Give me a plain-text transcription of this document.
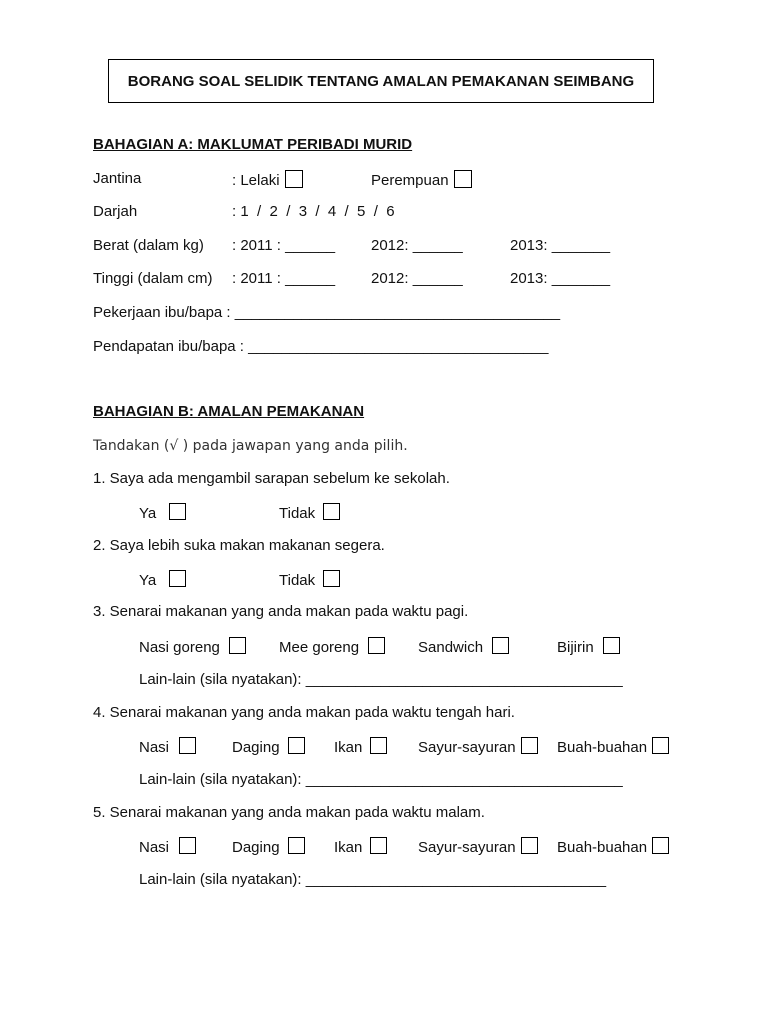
BORANG SOAL SELIDIK TENTANG AMALAN PEMAKANAN SEIMBANG
BAHAGIAN A: MAKLUMAT PERIBADI MURID
Jantina	: Lelaki	Perempuan
Darjah	: 1  /  2  /  3  /  4  /  5  /  6
Berat (dalam kg) : 2011 : ______ 2012: ______	2013: _______
Tinggi (dalam cm) : 2011 : ______ 2012: ______	2013: _______
Pekerjaan ibu/bapa : _______________________________________
Pendapatan ibu/bapa : ____________________________________
BAHAGIAN B: AMALAN PEMAKANAN
Tandakan (√ ) pada jawapan yang anda pilih.
1. Saya ada mengambil sarapan sebelum ke sekolah.
Ya	Tidak
2. Saya lebih suka makan makanan segera.
Ya	Tidak
3. Senarai makanan yang anda makan pada waktu pagi.
Nasi goreng	Mee goreng	Sandwich	Bijirin
Lain-lain (sila nyatakan): ______________________________________
4. Senarai makanan yang anda makan pada waktu tengah hari.
Nasi	Daging	Ikan	Sayur-sayuran	Buah-buahan
Lain-lain (sila nyatakan): ______________________________________
5. Senarai makanan yang anda makan pada waktu malam.
Nasi	Daging	Ikan	Sayur-sayuran	Buah-buahan
Lain-lain (sila nyatakan): ____________________________________
